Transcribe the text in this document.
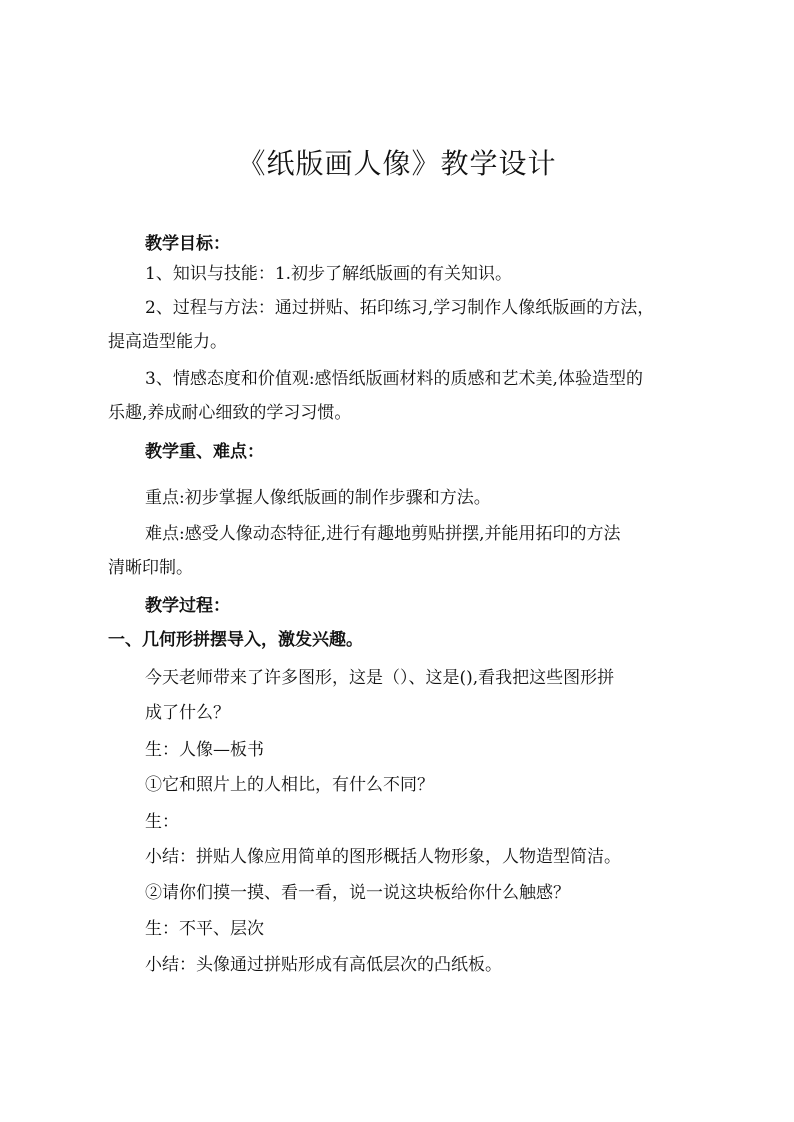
《纸版画人像》教学设计
教学目标：
1、知识与技能：1.初步了解纸版画的有关知识。
2、过程与方法：通过拼贴、拓印练习,学习制作人像纸版画的方法，
提高造型能力。
3、情感态度和价值观:感悟纸版画材料的质感和艺术美,体验造型的
乐趣,养成耐心细致的学习习惯。
教学重、难点：
重点:初步掌握人像纸版画的制作步骤和方法。
难点:感受人像动态特征,进行有趣地剪贴拼摆,并能用拓印的方法
清晰印制。
教学过程：
一、几何形拼摆导入，激发兴趣。
今天老师带来了许多图形，这是（）、这是(),看我把这些图形拼
成了什么？
生：人像—板书
①它和照片上的人相比，有什么不同？
生：
小结：拼贴人像应用简单的图形概括人物形象，人物造型简洁。
②请你们摸一摸、看一看，说一说这块板给你什么触感？
生：不平、层次
小结：头像通过拼贴形成有高低层次的凸纸板。
